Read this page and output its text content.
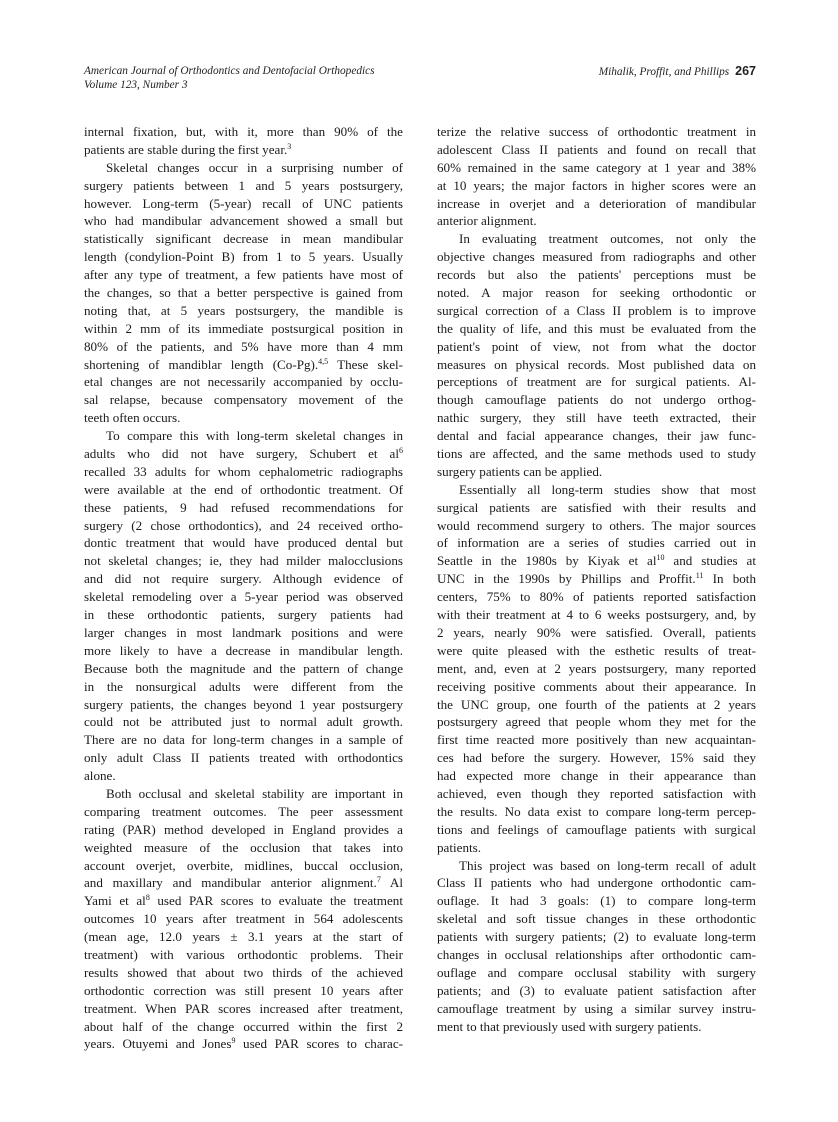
American Journal of Orthodontics and Dentofacial Orthopedics
Volume 123, Number 3
Mihalik, Proffit, and Phillips 267
internal fixation, but, with it, more than 90% of the
patients are stable during the first year.$^3$
Skeletal changes occur in a surprising number of
surgery patients between 1 and 5 years postsurgery,
however. Long-term (5-year) recall of UNC patients
who had mandibular advancement showed a small but
statistically significant decrease in mean mandibular
length (condylion-Point B) from 1 to 5 years. Usually
after any type of treatment, a few patients have most of
the changes, so that a better perspective is gained from
noting that, at 5 years postsurgery, the mandible is
within 2 mm of its immediate postsurgical position in
80% of the patients, and 5% have more than 4 mm
shortening of mandiblar length (Co-Pg).$^{4,5}$ These skel-
etal changes are not necessarily accompanied by occlu-
sal relapse, because compensatory movement of the
teeth often occurs.
To compare this with long-term skeletal changes in
adults who did not have surgery, Schubert et $al^6$
recalled 33 adults for whom cephalometric radiographs
were available at the end of orthodontic treatment. Of
these patients, 9 had refused recommendations for
surgery (2 chose orthodontics), and 24 received ortho-
dontic treatment that would have produced dental but
not skeletal changes; ie, they had milder malocclusions
and did not require surgery. Although evidence of
skeletal remodeling over a 5-year period was observed
in these orthodontic patients, surgery patients had
larger changes in most landmark positions and were
more likely to have a decrease in mandibular length.
Because both the magnitude and the pattern of change
in the nonsurgical adults were different from the
surgery patients, the changes beyond 1 year postsurgery
could not be attributed just to normal adult growth.
There are no data for long-term changes in a sample of
only adult Class II patients treated with orthodontics
alone.
Both occlusal and skeletal stability are important in
comparing treatment outcomes. The peer assessment
rating (PAR) method developed in England provides a
weighted measure of the occlusion that takes into
account overjet, overbite, midlines, buccal occlusion,
and maxillary and mandibular anterior alignment.$^7$ Al
Yami et $al^8$ used PAR scores to evaluate the treatment
outcomes 10 years after treatment in 564 adolescents
(mean age, 12.0 years ± 3.1 years at the start of
treatment) with various orthodontic problems. Their
results showed that about two thirds of the achieved
orthodontic correction was still present 10 years after
treatment. When PAR scores increased after treatment,
about half of the change occurred within the first 2
years. Otuyemi and Jones$^9$ used PAR scores to charac-
terize the relative success of orthodontic treatment in
adolescent Class II patients and found on recall that
60% remained in the same category at 1 year and 38%
at 10 years; the major factors in higher scores were an
increase in overjet and a deterioration of mandibular
anterior alignment.
In evaluating treatment outcomes, not only the
objective changes measured from radiographs and other
records but also the patients' perceptions must be
noted. A major reason for seeking orthodontic or
surgical correction of a Class II problem is to improve
the quality of life, and this must be evaluated from the
patient's point of view, not from what the doctor
measures on physical records. Most published data on
perceptions of treatment are for surgical patients. Al-
though camouflage patients do not undergo orthog-
nathic surgery, they still have teeth extracted, their
dental and facial appearance changes, their jaw func-
tions are affected, and the same methods used to study
surgery patients can be applied.
Essentially all long-term studies show that most
surgical patients are satisfied with their results and
would recommend surgery to others. The major sources
of information are a series of studies carried out in
Seattle in the 1980s by Kiyak et $al^{10}$ and studies at
UNC in the 1990s by Phillips and Proffit.$^{11}$ In both
centers, 75% to 80% of patients reported satisfaction
with their treatment at 4 to 6 weeks postsurgery, and, by
2 years, nearly 90% were satisfied. Overall, patients
were quite pleased with the esthetic results of treat-
ment, and, even at 2 years postsurgery, many reported
receiving positive comments about their appearance. In
the UNC group, one fourth of the patients at 2 years
postsurgery agreed that people whom they met for the
first time reacted more positively than new acquaintan-
ces had before the surgery. However, 15% said they
had expected more change in their appearance than
achieved, even though they reported satisfaction with
the results. No data exist to compare long-term percep-
tions and feelings of camouflage patients with surgical
patients.
This project was based on long-term recall of adult
Class II patients who had undergone orthodontic cam-
ouflage. It had 3 goals: (1) to compare long-term
skeletal and soft tissue changes in these orthodontic
patients with surgery patients; (2) to evaluate long-term
changes in occlusal relationships after orthodontic cam-
ouflage and compare occlusal stability with surgery
patients; and (3) to evaluate patient satisfaction after
camouflage treatment by using a similar survey instru-
ment to that previously used with surgery patients.
